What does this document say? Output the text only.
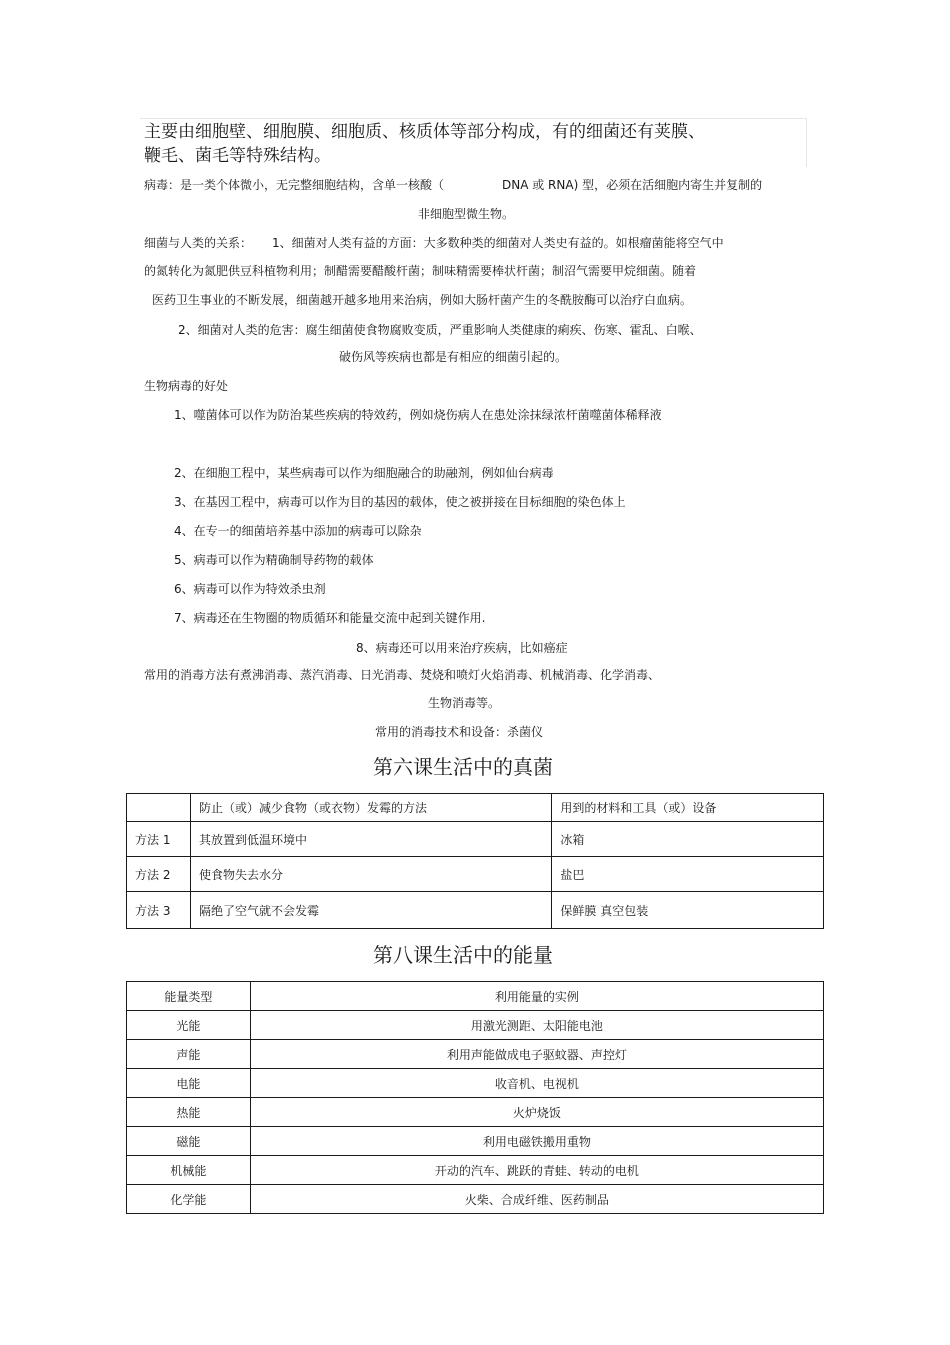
主要由细胞壁、细胞膜、细胞质、核质体等部分构成，有的细菌还有荚膜、
鞭毛、菌毛等特殊结构。
病毒：是一类个体微小，无完整细胞结构，含单一核酸（	DNA 或 RNA) 型，必须在活细胞内寄生并复制的
非细胞型微生物。
细菌与人类的关系： 1、细菌对人类有益的方面：大多数种类的细菌对人类史有益的。如根瘤菌能将空气中
的氮转化为氮肥供豆科植物利用；制醋需要醋酸杆菌；制味精需要棒状杆菌；制沼气需要甲烷细菌。随着
医药卫生事业的不断发展，细菌越开越多地用来治病，例如大肠杆菌产生的冬酰胺酶可以治疗白血病。
2、细菌对人类的危害：腐生细菌使食物腐败变质，严重影响人类健康的痢疾、伤寒、霍乱、白喉、
破伤风等疾病也都是有相应的细菌引起的。
生物病毒的好处
1、噬菌体可以作为防治某些疾病的特效药，例如烧伤病人在患处涂抹绿浓杆菌噬菌体稀释液
2、在细胞工程中，某些病毒可以作为细胞融合的助融剂，例如仙台病毒
3、在基因工程中，病毒可以作为目的基因的载体，使之被拼接在目标细胞的染色体上
4、在专一的细菌培养基中添加的病毒可以除杂
5、病毒可以作为精确制导药物的载体
6、病毒可以作为特效杀虫剂
7、病毒还在生物圈的物质循环和能量交流中起到关键作用.
8、病毒还可以用来治疗疾病，比如癌症
常用的消毒方法有煮沸消毒、蒸汽消毒、日光消毒、焚烧和喷灯火焰消毒、机械消毒、化学消毒、
生物消毒等。
常用的消毒技术和设备：杀菌仪
第六课生活中的真菌
	防止（或）减少食物（或衣物）发霉的方法	用到的材料和工具（或）设备
方法 1	其放置到低温环境中	冰箱
方法 2	使食物失去水分	盐巴
方法 3	隔绝了空气就不会发霉	保鲜膜 真空包装
第八课生活中的能量
能量类型	利用能量的实例
光能	用激光测距、太阳能电池
声能	利用声能做成电子驱蚊器、声控灯
电能	收音机、电视机
热能	火炉烧饭
磁能	利用电磁铁搬用重物
机械能	开动的汽车、跳跃的青蛙、转动的电机
化学能	火柴、合成纤维、医药制品
